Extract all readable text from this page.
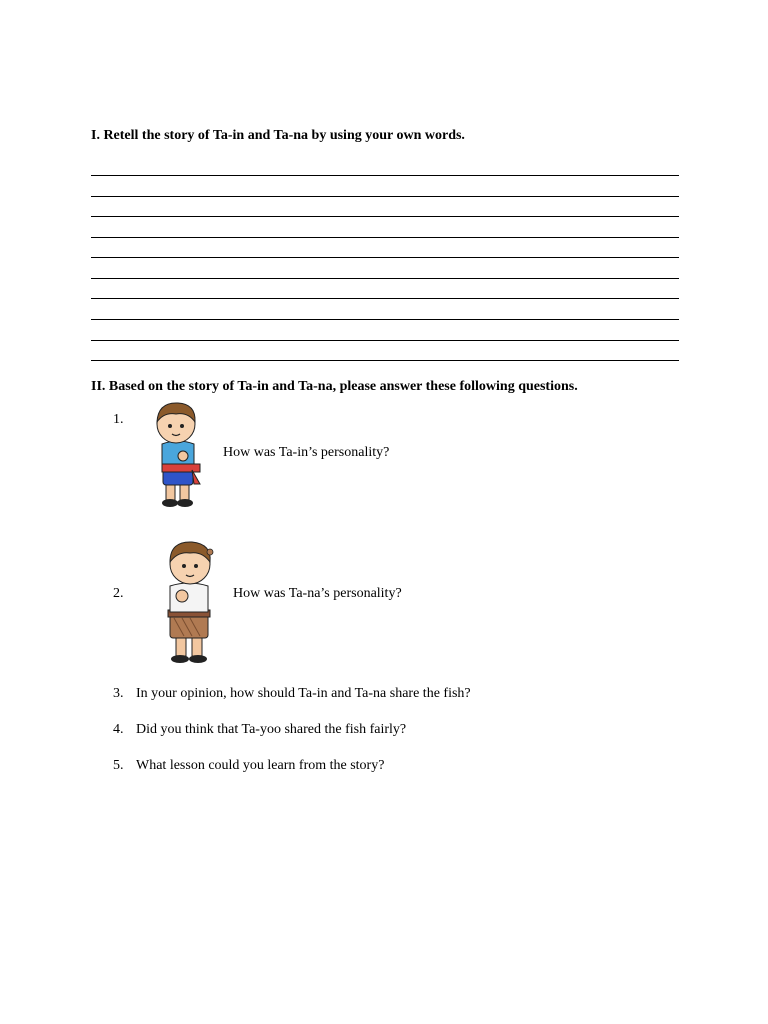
I. Retell the story of Ta-in and Ta-na by using your own words.
II. Based on the story of Ta-in and Ta-na, please answer these following questions.
1.
How was Ta-in’s personality?
2.	How was Ta-na’s personality?
3. In your opinion, how should Ta-in and Ta-na share the fish?
4. Did you think that Ta-yoo shared the fish fairly?
5. What lesson could you learn from the story?
